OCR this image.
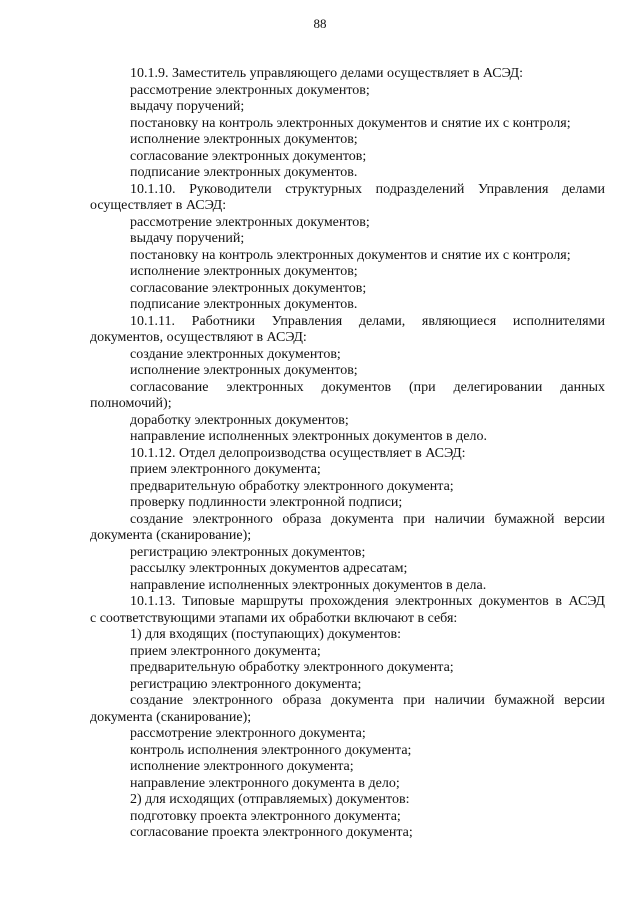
88
10.1.9. Заместитель управляющего делами осуществляет в АСЭД:
рассмотрение электронных документов;
выдачу поручений;
постановку на контроль электронных документов и снятие их с контроля;
исполнение электронных документов;
согласование электронных документов;
подписание электронных документов.
10.1.10. Руководители структурных подразделений Управления делами
осуществляет в АСЭД:
рассмотрение электронных документов;
выдачу поручений;
постановку на контроль электронных документов и снятие их с контроля;
исполнение электронных документов;
согласование электронных документов;
подписание электронных документов.
10.1.11. Работники Управления делами, являющиеся исполнителями
документов, осуществляют в АСЭД:
создание электронных документов;
исполнение электронных документов;
согласование электронных документов (при делегировании данных
полномочий);
доработку электронных документов;
направление исполненных электронных документов в дело.
10.1.12. Отдел делопроизводства осуществляет в АСЭД:
прием электронного документа;
предварительную обработку электронного документа;
проверку подлинности электронной подписи;
создание электронного образа документа при наличии бумажной версии
документа (сканирование);
регистрацию электронных документов;
рассылку электронных документов адресатам;
направление исполненных электронных документов в дела.
10.1.13. Типовые маршруты прохождения электронных документов в АСЭД
с соответствующими этапами их обработки включают в себя:
1) для входящих (поступающих) документов:
прием электронного документа;
предварительную обработку электронного документа;
регистрацию электронного документа;
создание электронного образа документа при наличии бумажной версии
документа (сканирование);
рассмотрение электронного документа;
контроль исполнения электронного документа;
исполнение электронного документа;
направление электронного документа в дело;
2) для исходящих (отправляемых) документов:
подготовку проекта электронного документа;
согласование проекта электронного документа;
